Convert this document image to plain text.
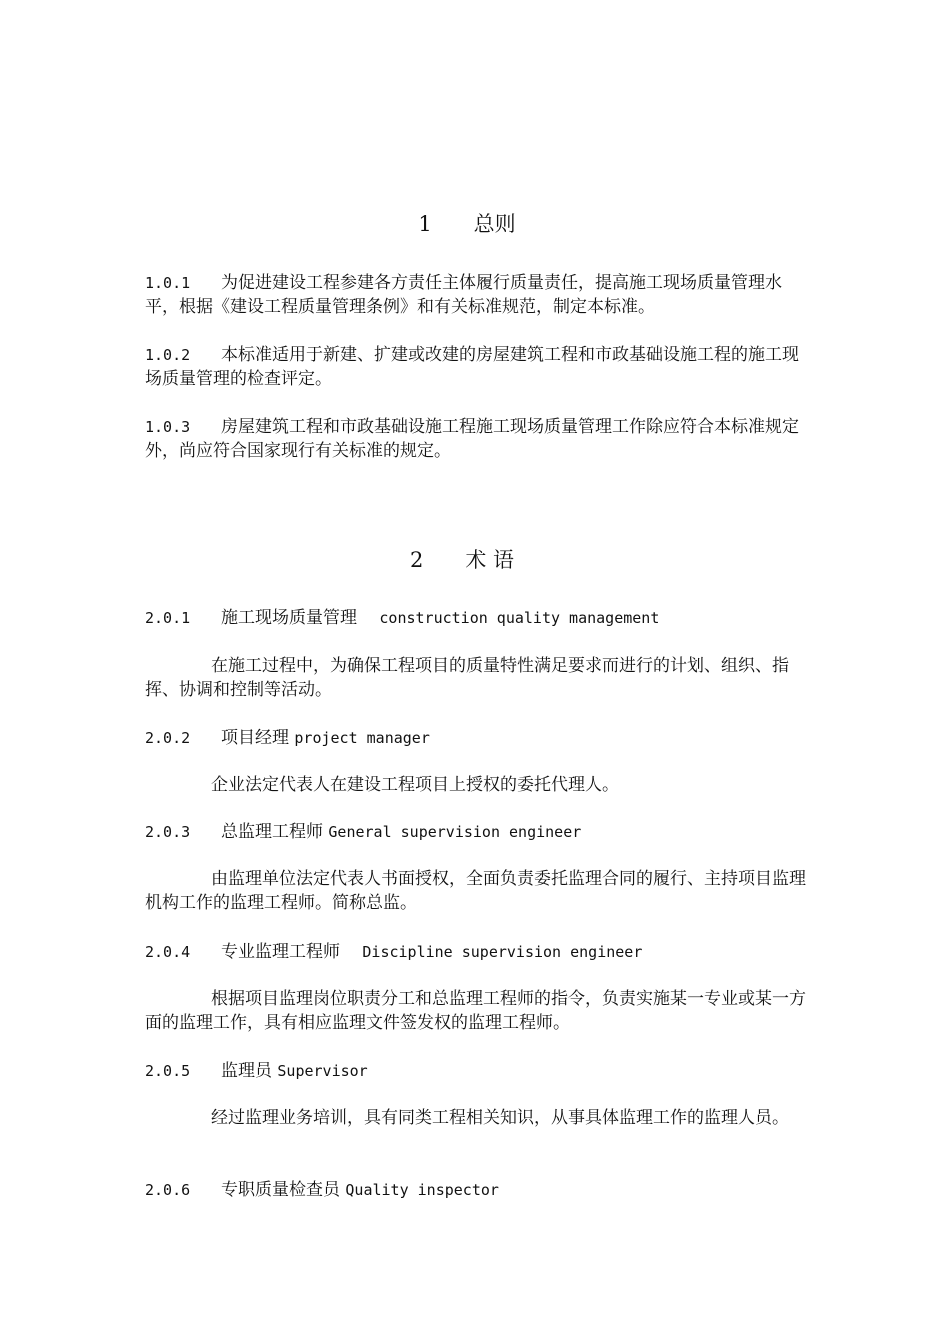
1　　总则
1.0.1 为促进建设工程参建各方责任主体履行质量责任，提高施工现场质量管理水平，根据《建设工程质量管理条例》和有关标准规范，制定本标准。
1.0.2 本标准适用于新建、扩建或改建的房屋建筑工程和市政基础设施工程的施工现场质量管理的检查评定。
1.0.3 房屋建筑工程和市政基础设施工程施工现场质量管理工作除应符合本标准规定外，尚应符合国家现行有关标准的规定。
2　　术 语
2.0.1 施工现场质量管理　 construction quality management
在施工过程中，为确保工程项目的质量特性满足要求而进行的计划、组织、指挥、协调和控制等活动。
2.0.2 项目经理 project manager
企业法定代表人在建设工程项目上授权的委托代理人。
2.0.3 总监理工程师 General supervision engineer
由监理单位法定代表人书面授权，全面负责委托监理合同的履行、主持项目监理机构工作的监理工程师。简称总监。
2.0.4 专业监理工程师　 Discipline supervision engineer
根据项目监理岗位职责分工和总监理工程师的指令，负责实施某一专业或某一方面的监理工作，具有相应监理文件签发权的监理工程师。
2.0.5 监理员 Supervisor
经过监理业务培训，具有同类工程相关知识，从事具体监理工作的监理人员。
2.0.6 专职质量检查员 Quality inspector
